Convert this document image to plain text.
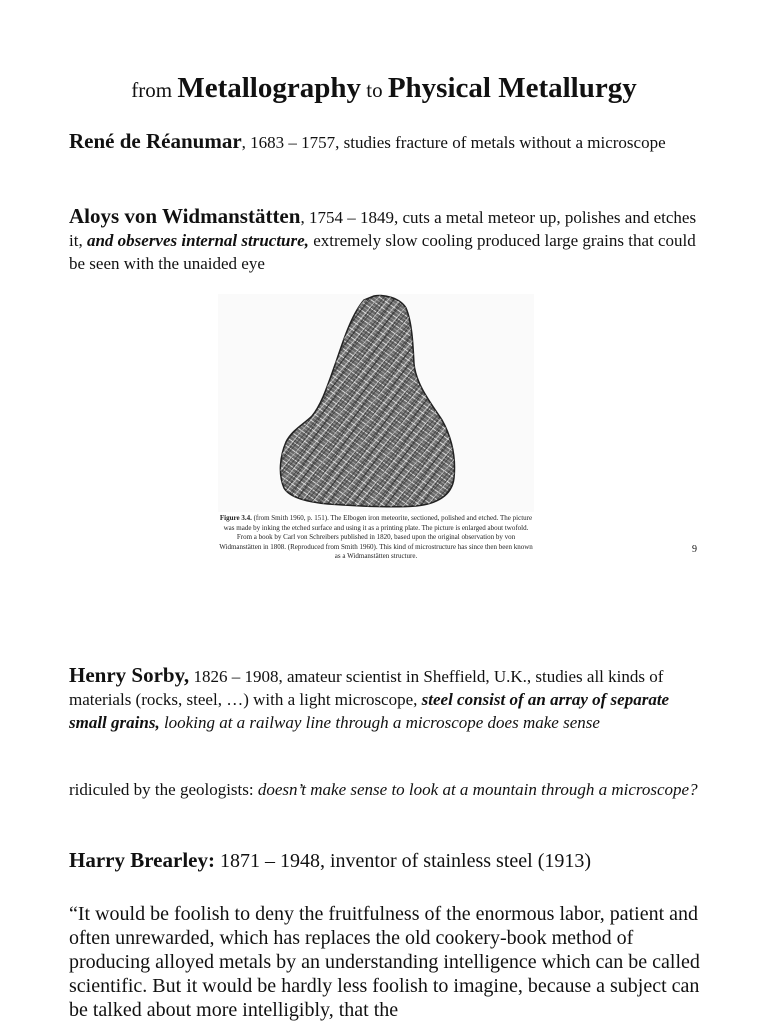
from Metallography to Physical Metallurgy
René de Réanumar, 1683 – 1757, studies fracture of metals without a microscope
Aloys von Widmanstätten, 1754 – 1849, cuts a metal meteor up, polishes and etches it, and observes internal structure, extremely slow cooling produced large grains that could be seen with the unaided eye
Figure 3.4. (from Smith 1960, p. 151). The Elbogen iron meteorite, sectioned, polished and etched. The picture was made by inking the etched surface and using it as a printing plate. The picture is enlarged about twofold. From a book by Carl von Schreibers published in 1820, based upon the original observation by von Widmanstätten in 1808. (Reproduced from Smith 1960). This kind of microstructure has since then been known as a Widmanstätten structure.
9
Henry Sorby, 1826 – 1908, amateur scientist in Sheffield, U.K., studies all kinds of materials (rocks, steel, …) with a light microscope, steel consist of an array of separate small grains, looking at a railway line through a microscope does make sense
ridiculed by the geologists: doesn’t make sense to look at a mountain through a microscope?
Harry Brearley: 1871 – 1948, inventor of stainless steel (1913)
“It would be foolish to deny the fruitfulness of the enormous labor, patient and often unrewarded, which has replaces the old cookery-book method of producing alloyed metals by an understanding intelligence which can be called scientific. But it would be hardly less foolish to imagine, because a subject can be talked about more intelligibly, that the
